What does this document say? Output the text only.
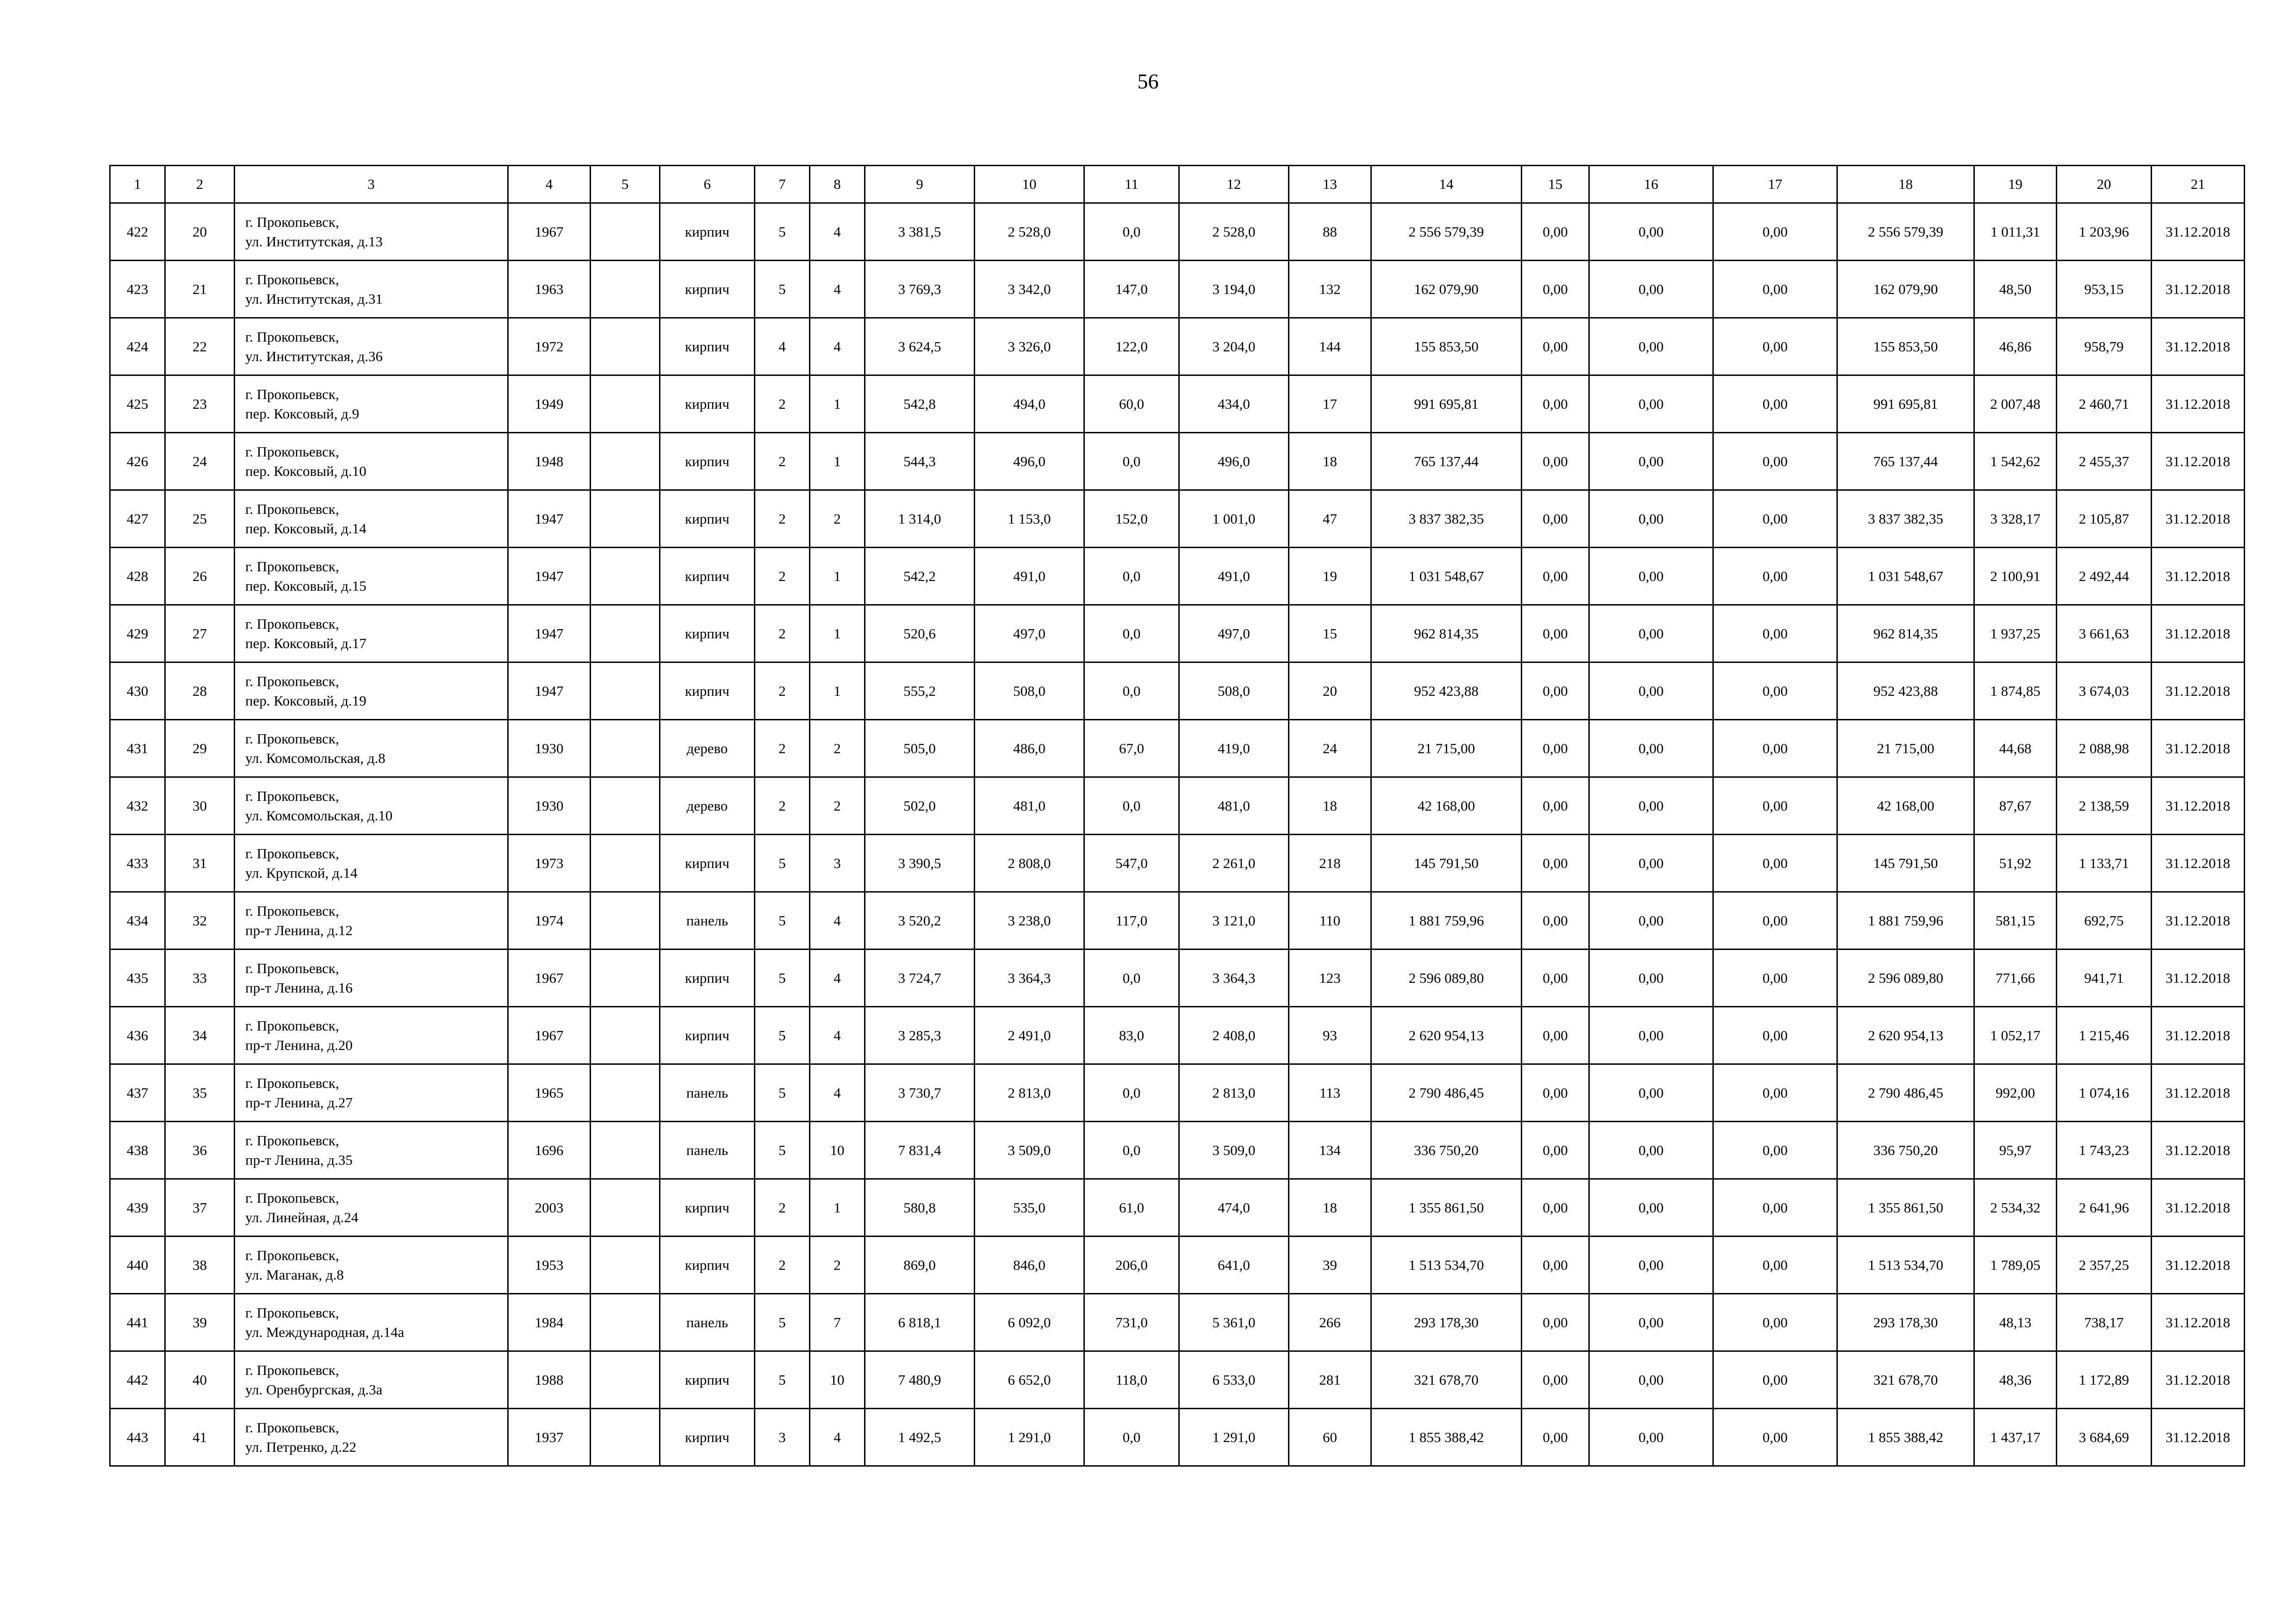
56
1	2	3	4	5	6	7	8	9	10	11	12	13	14	15	16	17	18	19	20	21
422	20	г. Прокопьевск,
ул. Институтская, д.13	1967		кирпич	5	4	3 381,5	2 528,0	0,0	2 528,0	88	2 556 579,39	0,00	0,00	0,00	2 556 579,39	1 011,31	1 203,96	31.12.2018
423	21	г. Прокопьевск,
ул. Институтская, д.31	1963		кирпич	5	4	3 769,3	3 342,0	147,0	3 194,0	132	162 079,90	0,00	0,00	0,00	162 079,90	48,50	953,15	31.12.2018
424	22	г. Прокопьевск,
ул. Институтская, д.36	1972		кирпич	4	4	3 624,5	3 326,0	122,0	3 204,0	144	155 853,50	0,00	0,00	0,00	155 853,50	46,86	958,79	31.12.2018
425	23	г. Прокопьевск,
пер. Коксовый, д.9	1949		кирпич	2	1	542,8	494,0	60,0	434,0	17	991 695,81	0,00	0,00	0,00	991 695,81	2 007,48	2 460,71	31.12.2018
426	24	г. Прокопьевск,
пер. Коксовый, д.10	1948		кирпич	2	1	544,3	496,0	0,0	496,0	18	765 137,44	0,00	0,00	0,00	765 137,44	1 542,62	2 455,37	31.12.2018
427	25	г. Прокопьевск,
пер. Коксовый, д.14	1947		кирпич	2	2	1 314,0	1 153,0	152,0	1 001,0	47	3 837 382,35	0,00	0,00	0,00	3 837 382,35	3 328,17	2 105,87	31.12.2018
428	26	г. Прокопьевск,
пер. Коксовый, д.15	1947		кирпич	2	1	542,2	491,0	0,0	491,0	19	1 031 548,67	0,00	0,00	0,00	1 031 548,67	2 100,91	2 492,44	31.12.2018
429	27	г. Прокопьевск,
пер. Коксовый, д.17	1947		кирпич	2	1	520,6	497,0	0,0	497,0	15	962 814,35	0,00	0,00	0,00	962 814,35	1 937,25	3 661,63	31.12.2018
430	28	г. Прокопьевск,
пер. Коксовый, д.19	1947		кирпич	2	1	555,2	508,0	0,0	508,0	20	952 423,88	0,00	0,00	0,00	952 423,88	1 874,85	3 674,03	31.12.2018
431	29	г. Прокопьевск,
ул. Комсомольская, д.8	1930		дерево	2	2	505,0	486,0	67,0	419,0	24	21 715,00	0,00	0,00	0,00	21 715,00	44,68	2 088,98	31.12.2018
432	30	г. Прокопьевск,
ул. Комсомольская, д.10	1930		дерево	2	2	502,0	481,0	0,0	481,0	18	42 168,00	0,00	0,00	0,00	42 168,00	87,67	2 138,59	31.12.2018
433	31	г. Прокопьевск,
ул. Крупской, д.14	1973		кирпич	5	3	3 390,5	2 808,0	547,0	2 261,0	218	145 791,50	0,00	0,00	0,00	145 791,50	51,92	1 133,71	31.12.2018
434	32	г. Прокопьевск,
пр-т Ленина, д.12	1974		панель	5	4	3 520,2	3 238,0	117,0	3 121,0	110	1 881 759,96	0,00	0,00	0,00	1 881 759,96	581,15	692,75	31.12.2018
435	33	г. Прокопьевск,
пр-т Ленина, д.16	1967		кирпич	5	4	3 724,7	3 364,3	0,0	3 364,3	123	2 596 089,80	0,00	0,00	0,00	2 596 089,80	771,66	941,71	31.12.2018
436	34	г. Прокопьевск,
пр-т Ленина, д.20	1967		кирпич	5	4	3 285,3	2 491,0	83,0	2 408,0	93	2 620 954,13	0,00	0,00	0,00	2 620 954,13	1 052,17	1 215,46	31.12.2018
437	35	г. Прокопьевск,
пр-т Ленина, д.27	1965		панель	5	4	3 730,7	2 813,0	0,0	2 813,0	113	2 790 486,45	0,00	0,00	0,00	2 790 486,45	992,00	1 074,16	31.12.2018
438	36	г. Прокопьевск,
пр-т Ленина, д.35	1696		панель	5	10	7 831,4	3 509,0	0,0	3 509,0	134	336 750,20	0,00	0,00	0,00	336 750,20	95,97	1 743,23	31.12.2018
439	37	г. Прокопьевск,
ул. Линейная, д.24	2003		кирпич	2	1	580,8	535,0	61,0	474,0	18	1 355 861,50	0,00	0,00	0,00	1 355 861,50	2 534,32	2 641,96	31.12.2018
440	38	г. Прокопьевск,
ул. Маганак, д.8	1953		кирпич	2	2	869,0	846,0	206,0	641,0	39	1 513 534,70	0,00	0,00	0,00	1 513 534,70	1 789,05	2 357,25	31.12.2018
441	39	г. Прокопьевск,
ул. Международная, д.14а	1984		панель	5	7	6 818,1	6 092,0	731,0	5 361,0	266	293 178,30	0,00	0,00	0,00	293 178,30	48,13	738,17	31.12.2018
442	40	г. Прокопьевск,
ул. Оренбургская, д.3а	1988		кирпич	5	10	7 480,9	6 652,0	118,0	6 533,0	281	321 678,70	0,00	0,00	0,00	321 678,70	48,36	1 172,89	31.12.2018
443	41	г. Прокопьевск,
ул. Петренко, д.22	1937		кирпич	3	4	1 492,5	1 291,0	0,0	1 291,0	60	1 855 388,42	0,00	0,00	0,00	1 855 388,42	1 437,17	3 684,69	31.12.2018
